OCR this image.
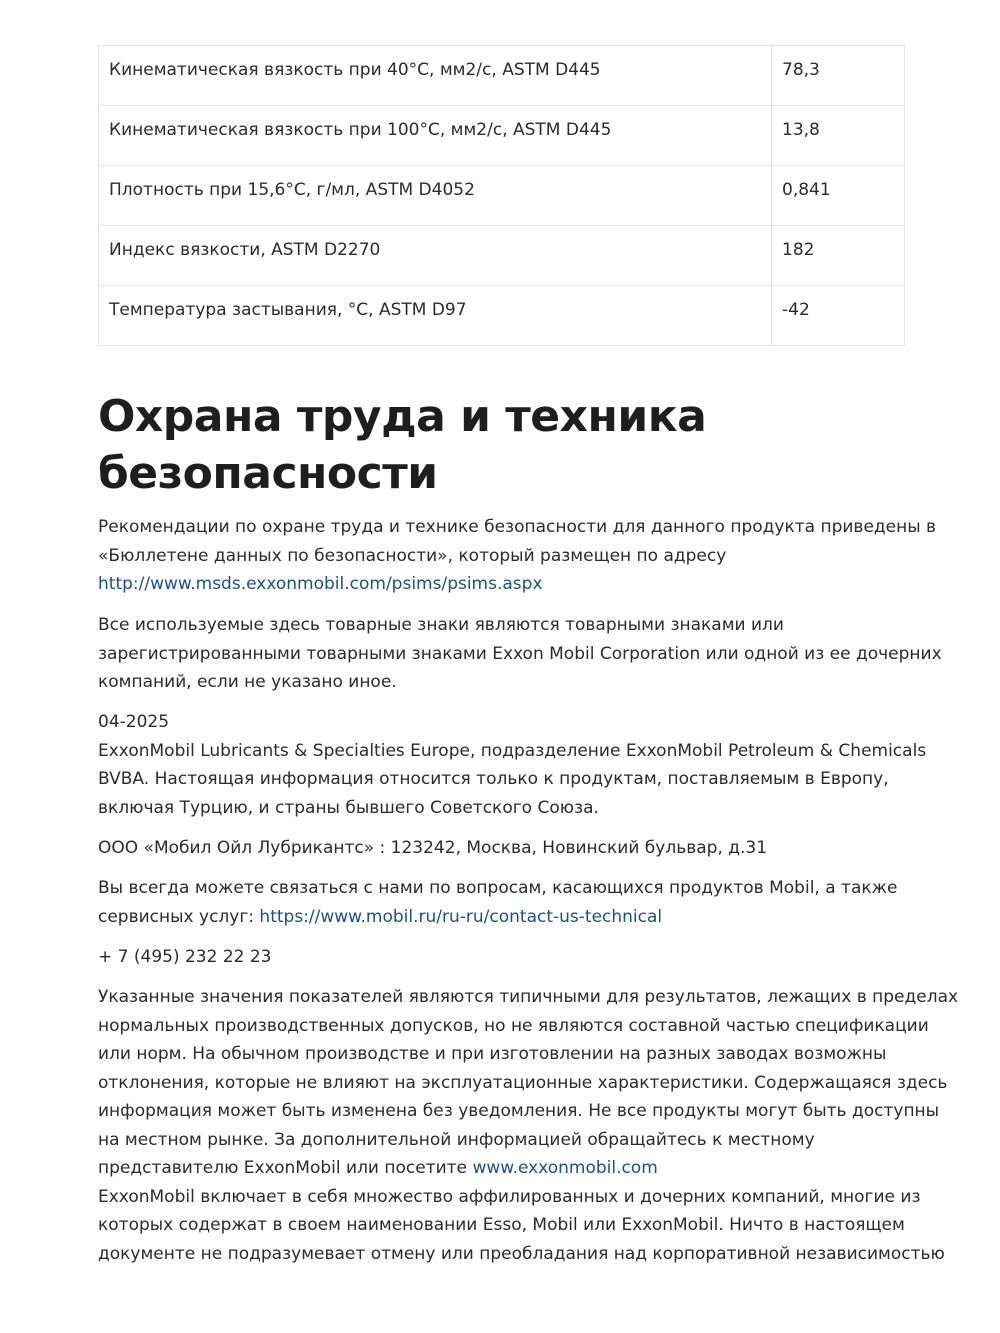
Кинематическая вязкость при 40°С, мм2/с, ASTM D445	78,3

Кинематическая вязкость при 100°С, мм2/с, ASTM D445	13,8

Плотность при 15,6°С, г/мл, ASTM D4052	0,841

Индекс вязкости, ASTM D2270	182

Температура застывания, °С, ASTM D97	-42
Охрана труда и техника
безопасности

Рекомендации по охране труда и технике безопасности для данного продукта приведены в
«Бюллетене данных по безопасности», который размещен по адресу
http://www.msds.exxonmobil.com/psims/psims.aspx

Все используемые здесь товарные знаки являются товарными знаками или
зарегистрированными товарными знаками Exxon Mobil Corporation или одной из ее дочерних
компаний, если не указано иное.

04-2025
ExxonMobil Lubricants & Specialties Europe, подразделение ExxonMobil Petroleum & Chemicals
BVBA. Настоящая информация относится только к продуктам, поставляемым в Европу,
включая Турцию, и страны бывшего Советского Союза.

ООО «Мобил Ойл Лубрикантс» : 123242, Москва, Новинский бульвар, д.31

Вы всегда можете связаться с нами по вопросам, касающихся продуктов Mobil, а также
сервисных услуг: https://www.mobil.ru/ru-ru/contact-us-technical

+ 7 (495) 232 22 23

Указанные значения показателей являются типичными для результатов, лежащих в пределах
нормальных производственных допусков, но не являются составной частью спецификации
или норм. На обычном производстве и при изготовлении на разных заводах возможны
отклонения, которые не влияют на эксплуатационные характеристики. Содержащаяся здесь
информация может быть изменена без уведомления. Не все продукты могут быть доступны
на местном рынке. За дополнительной информацией обращайтесь к местному
представителю ExxonMobil или посетите www.exxonmobil.com
ExxonMobil включает в себя множество аффилированных и дочерних компаний, многие из
которых содержат в своем наименовании Esso, Mobil или ExxonMobil. Ничто в настоящем
документе не подразумевает отмену или преобладания над корпоративной независимостью
